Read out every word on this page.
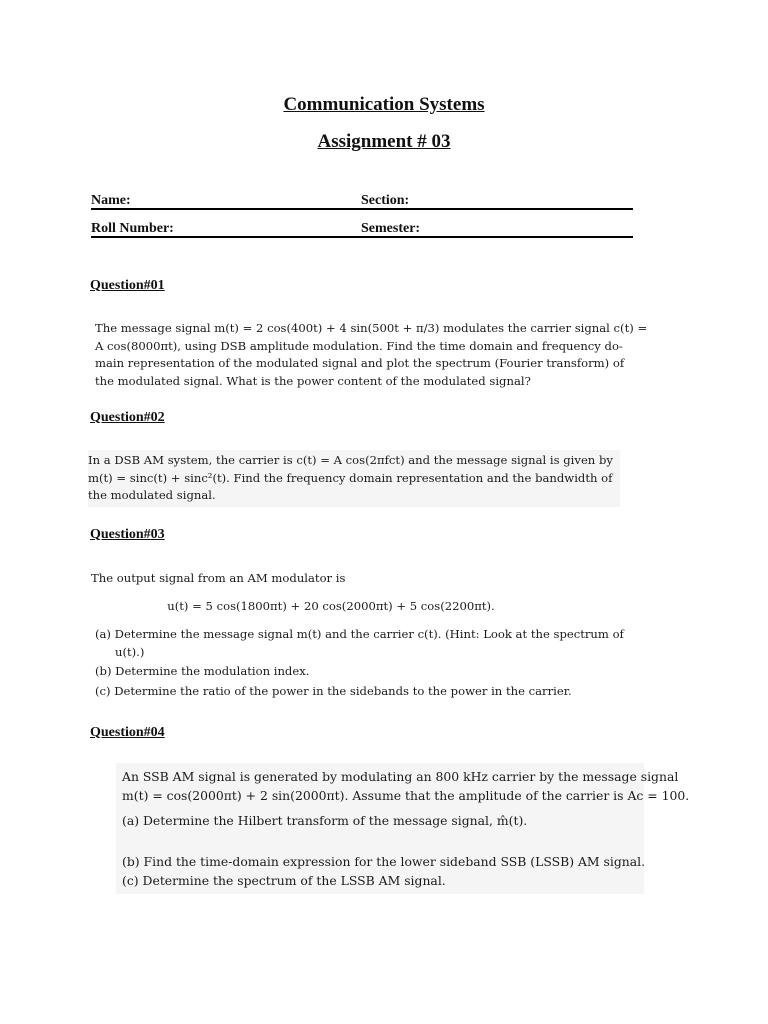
Communication Systems
Assignment # 03
Name:	Section:
Roll Number:	Semester:
Question#01
The message signal m(t) = 2 cos(400t) + 4 sin(500t + π/3) modulates the carrier signal c(t) =
A cos(8000πt), using DSB amplitude modulation. Find the time domain and frequency do-
main representation of the modulated signal and plot the spectrum (Fourier transform) of
the modulated signal. What is the power content of the modulated signal?
Question#02
In a DSB AM system, the carrier is c(t) = A cos(2πfct) and the message signal is given by
m(t) = sinc(t) + sinc²(t). Find the frequency domain representation and the bandwidth of
the modulated signal.
Question#03
The output signal from an AM modulator is
u(t) = 5 cos(1800πt) + 20 cos(2000πt) + 5 cos(2200πt).
(a) Determine the message signal m(t) and the carrier c(t). (Hint: Look at the spectrum of
u(t).)
(b) Determine the modulation index.
(c) Determine the ratio of the power in the sidebands to the power in the carrier.
Question#04
An SSB AM signal is generated by modulating an 800 kHz carrier by the message signal
m(t) = cos(2000πt) + 2 sin(2000πt). Assume that the amplitude of the carrier is Ac = 100.
(a) Determine the Hilbert transform of the message signal, m̂(t).
(b) Find the time-domain expression for the lower sideband SSB (LSSB) AM signal.
(c) Determine the spectrum of the LSSB AM signal.
